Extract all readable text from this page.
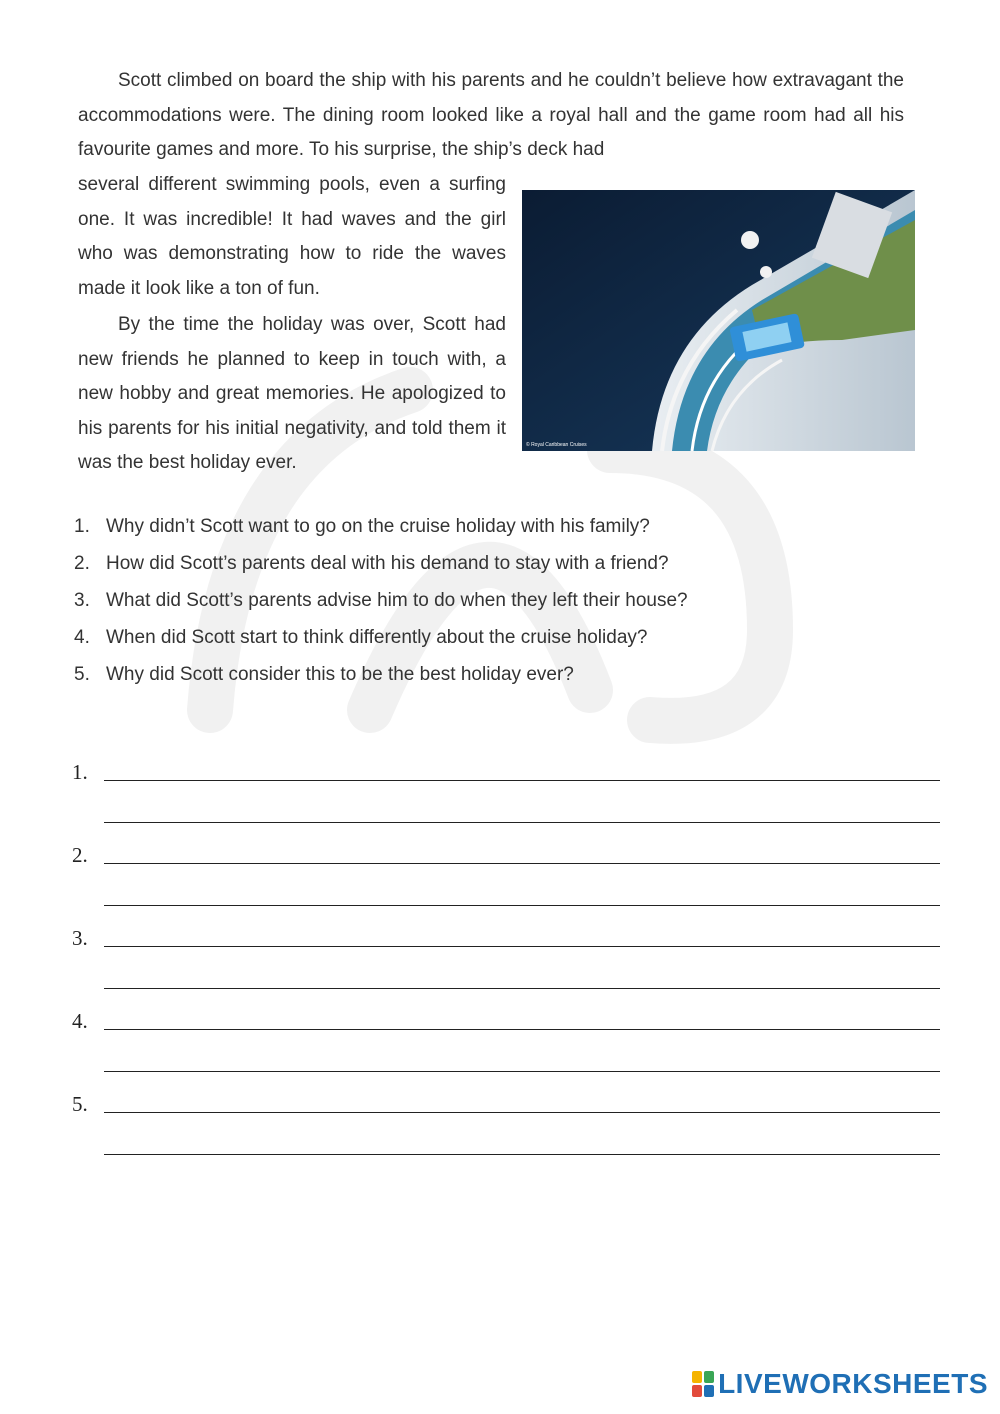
Scott climbed on board the ship with his parents and he couldn’t believe how extravagant the accommodations were. The dining room looked like a royal hall and the game room had all his favourite games and more. To his surprise, the ship’s deck had

several different swimming pools, even a surfing one. It was incredible! It had waves and the girl who was demonstrating how to ride the waves made it look like a ton of fun.

By the time the holiday was over, Scott had new friends he planned to keep in touch with, a new hobby and great memories. He apologized to his parents for his initial negativity, and told them it was the best holiday ever.

© Royal Caribbean Cruises
1. Why didn’t Scott want to go on the cruise holiday with his family?
2. How did Scott’s parents deal with his demand to stay with a friend?
3. What did Scott’s parents advise him to do when they left their house?
4. When did Scott start to think differently about the cruise holiday?
5. Why did Scott consider this to be the best holiday ever?
1.
2.
3.
4.
5.
LIVEWORKSHEETS
